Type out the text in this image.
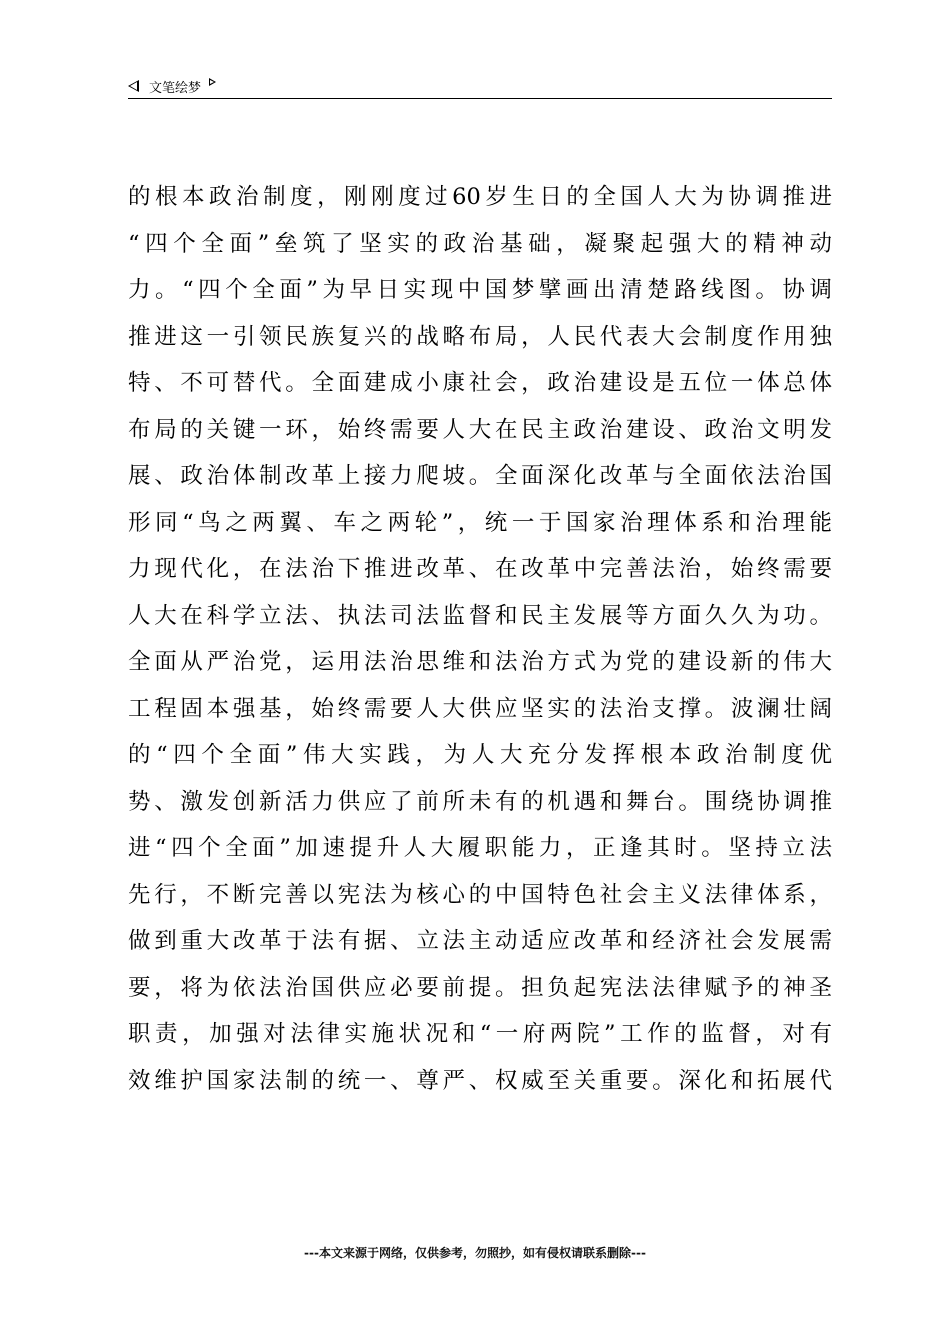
文笔绘梦
的根本政治制度，刚刚度过60岁生日的全国人大为协调推进
“四个全面”垒筑了坚实的政治基础，凝聚起强大的精神动
力。“四个全面”为早日实现中国梦擘画出清楚路线图。协调
推进这一引领民族复兴的战略布局，人民代表大会制度作用独
特、不可替代。全面建成小康社会，政治建设是五位一体总体
布局的关键一环，始终需要人大在民主政治建设、政治文明发
展、政治体制改革上接力爬坡。全面深化改革与全面依法治国
形同“鸟之两翼、车之两轮”，统一于国家治理体系和治理能
力现代化，在法治下推进改革、在改革中完善法治，始终需要
人大在科学立法、执法司法监督和民主发展等方面久久为功。
全面从严治党，运用法治思维和法治方式为党的建设新的伟大
工程固本强基，始终需要人大供应坚实的法治支撑。波澜壮阔
的“四个全面”伟大实践，为人大充分发挥根本政治制度优
势、激发创新活力供应了前所未有的机遇和舞台。围绕协调推
进“四个全面”加速提升人大履职能力，正逢其时。坚持立法
先行，不断完善以宪法为核心的中国特色社会主义法律体系，
做到重大改革于法有据、立法主动适应改革和经济社会发展需
要，将为依法治国供应必要前提。担负起宪法法律赋予的神圣
职责，加强对法律实施状况和“一府两院”工作的监督，对有
效维护国家法制的统一、尊严、权威至关重要。深化和拓展代
---本文来源于网络，仅供参考，勿照抄，如有侵权请联系删除---
